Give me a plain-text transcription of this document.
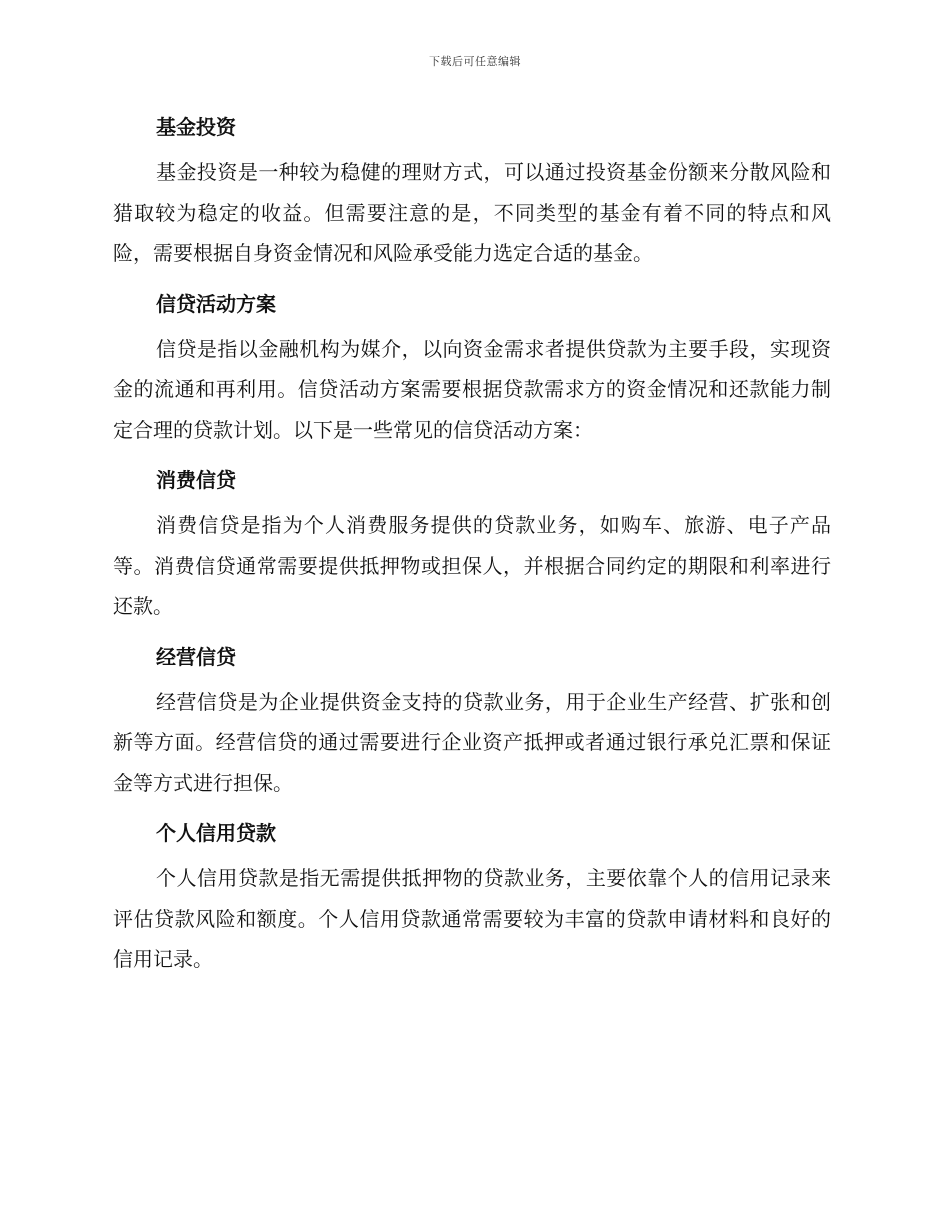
下载后可任意编辑
基金投资

基金投资是一种较为稳健的理财方式，可以通过投资基金份额来分散风险和猎取较为稳定的收益。但需要注意的是，不同类型的基金有着不同的特点和风险，需要根据自身资金情况和风险承受能力选定合适的基金。

信贷活动方案

信贷是指以金融机构为媒介，以向资金需求者提供贷款为主要手段，实现资金的流通和再利用。信贷活动方案需要根据贷款需求方的资金情况和还款能力制定合理的贷款计划。以下是一些常见的信贷活动方案：

消费信贷

消费信贷是指为个人消费服务提供的贷款业务，如购车、旅游、电子产品等。消费信贷通常需要提供抵押物或担保人，并根据合同约定的期限和利率进行还款。

经营信贷

经营信贷是为企业提供资金支持的贷款业务，用于企业生产经营、扩张和创新等方面。经营信贷的通过需要进行企业资产抵押或者通过银行承兑汇票和保证金等方式进行担保。

个人信用贷款

个人信用贷款是指无需提供抵押物的贷款业务，主要依靠个人的信用记录来评估贷款风险和额度。个人信用贷款通常需要较为丰富的贷款申请材料和良好的信用记录。
